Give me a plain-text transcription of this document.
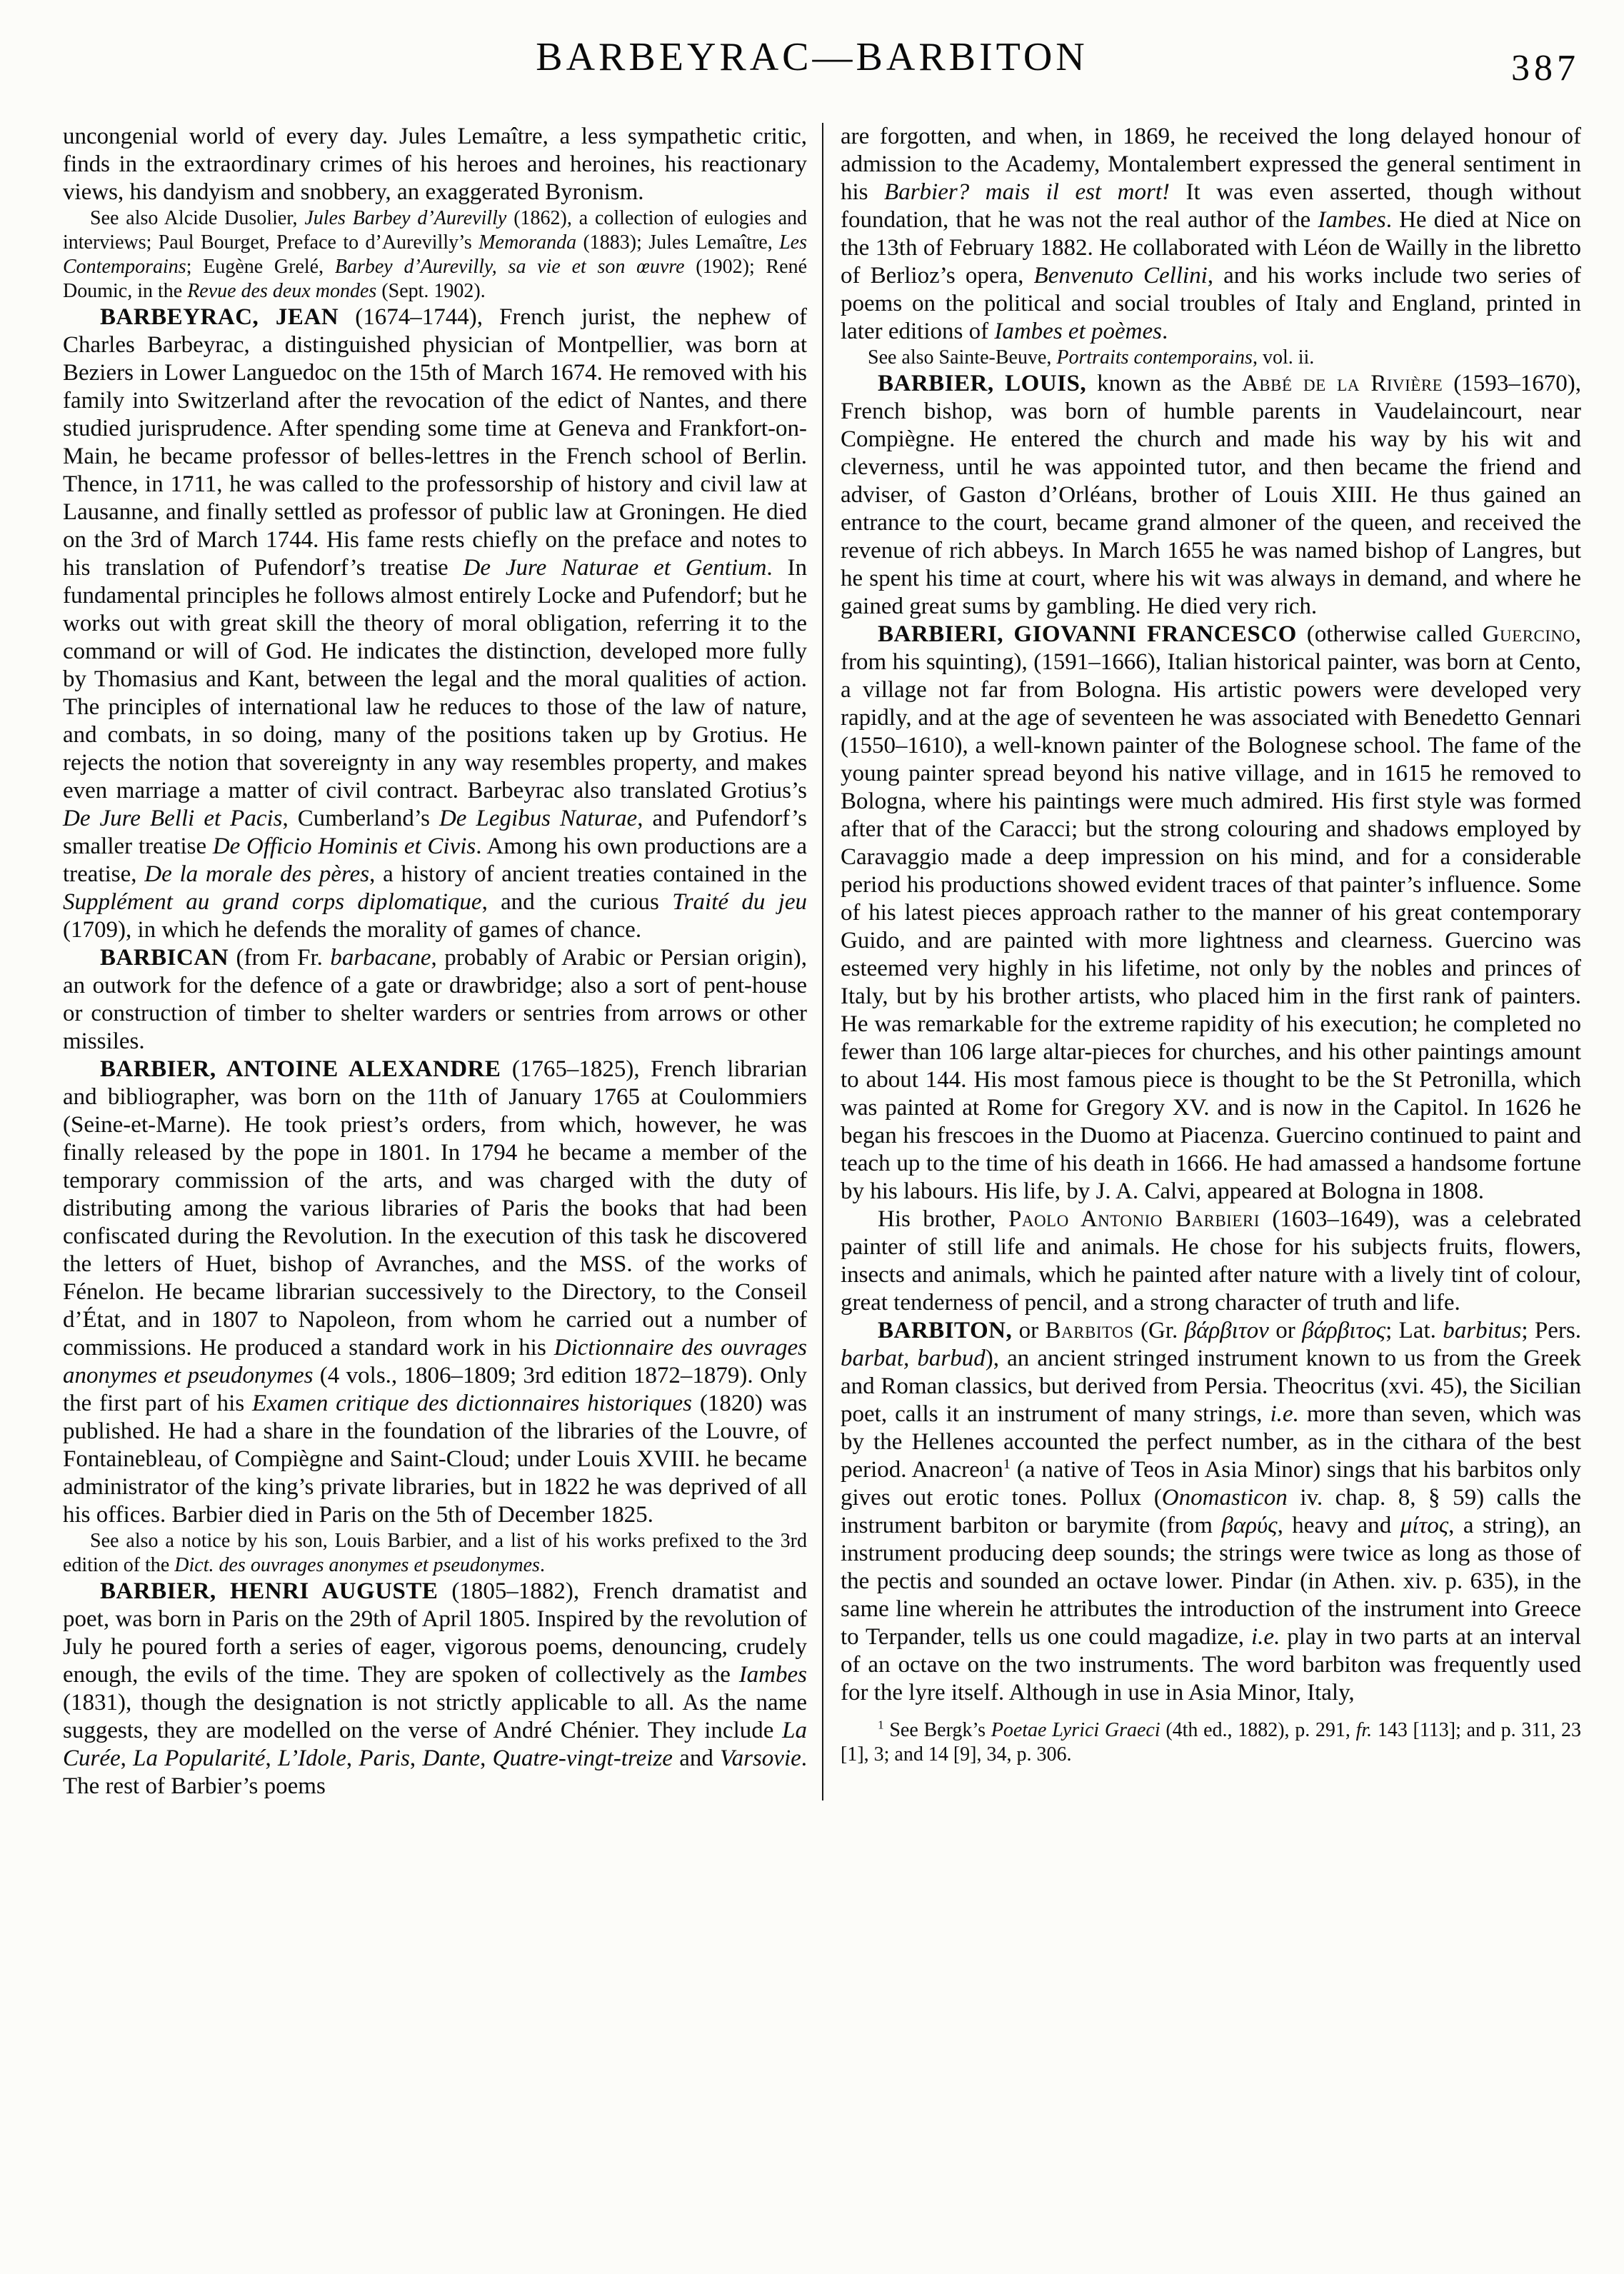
BARBEYRAC—BARBITON	387

uncongenial world of every day. Jules Lemaître, a less sympathetic critic, finds in the extraordinary crimes of his heroes and heroines, his reactionary views, his dandyism and snobbery, an exaggerated Byronism.

See also Alcide Dusolier, Jules Barbey d’Aurevilly (1862), a collection of eulogies and interviews; Paul Bourget, Preface to d’Aurevilly’s Memoranda (1883); Jules Lemaître, Les Contemporains; Eugène Grelé, Barbey d’Aurevilly, sa vie et son œuvre (1902); René Doumic, in the Revue des deux mondes (Sept. 1902).

BARBEYRAC, JEAN (1674–1744), French jurist, the nephew of Charles Barbeyrac, a distinguished physician of Montpellier, was born at Beziers in Lower Languedoc on the 15th of March 1674. He removed with his family into Switzerland after the revocation of the edict of Nantes, and there studied jurisprudence. After spending some time at Geneva and Frankfort-on-Main, he became professor of belles-lettres in the French school of Berlin. Thence, in 1711, he was called to the professorship of history and civil law at Lausanne, and finally settled as professor of public law at Groningen. He died on the 3rd of March 1744. His fame rests chiefly on the preface and notes to his translation of Pufendorf’s treatise De Jure Naturae et Gentium. In fundamental principles he follows almost entirely Locke and Pufendorf; but he works out with great skill the theory of moral obligation, referring it to the command or will of God. He indicates the distinction, developed more fully by Thomasius and Kant, between the legal and the moral qualities of action. The principles of international law he reduces to those of the law of nature, and combats, in so doing, many of the positions taken up by Grotius. He rejects the notion that sovereignty in any way resembles property, and makes even marriage a matter of civil contract. Barbeyrac also translated Grotius’s De Jure Belli et Pacis, Cumberland’s De Legibus Naturae, and Pufendorf’s smaller treatise De Officio Hominis et Civis. Among his own productions are a treatise, De la morale des pères, a history of ancient treaties contained in the Supplément au grand corps diplomatique, and the curious Traité du jeu (1709), in which he defends the morality of games of chance.

BARBICAN (from Fr. barbacane, probably of Arabic or Persian origin), an outwork for the defence of a gate or drawbridge; also a sort of pent-house or construction of timber to shelter warders or sentries from arrows or other missiles.

BARBIER, ANTOINE ALEXANDRE (1765–1825), French librarian and bibliographer, was born on the 11th of January 1765 at Coulommiers (Seine-et-Marne). He took priest’s orders, from which, however, he was finally released by the pope in 1801. In 1794 he became a member of the temporary commission of the arts, and was charged with the duty of distributing among the various libraries of Paris the books that had been confiscated during the Revolution. In the execution of this task he discovered the letters of Huet, bishop of Avranches, and the MSS. of the works of Fénelon. He became librarian successively to the Directory, to the Conseil d’État, and in 1807 to Napoleon, from whom he carried out a number of commissions. He produced a standard work in his Dictionnaire des ouvrages anonymes et pseudonymes (4 vols., 1806–1809; 3rd edition 1872–1879). Only the first part of his Examen critique des dictionnaires historiques (1820) was published. He had a share in the foundation of the libraries of the Louvre, of Fontainebleau, of Compiègne and Saint-Cloud; under Louis XVIII. he became administrator of the king’s private libraries, but in 1822 he was deprived of all his offices. Barbier died in Paris on the 5th of December 1825.

See also a notice by his son, Louis Barbier, and a list of his works prefixed to the 3rd edition of the Dict. des ouvrages anonymes et pseudonymes.

BARBIER, HENRI AUGUSTE (1805–1882), French dramatist and poet, was born in Paris on the 29th of April 1805. Inspired by the revolution of July he poured forth a series of eager, vigorous poems, denouncing, crudely enough, the evils of the time. They are spoken of collectively as the Iambes (1831), though the designation is not strictly applicable to all. As the name suggests, they are modelled on the verse of André Chénier. They include La Curée, La Popularité, L’Idole, Paris, Dante, Quatre-vingt-treize and Varsovie. The rest of Barbier’s poems

are forgotten, and when, in 1869, he received the long delayed honour of admission to the Academy, Montalembert expressed the general sentiment in his Barbier? mais il est mort! It was even asserted, though without foundation, that he was not the real author of the Iambes. He died at Nice on the 13th of February 1882. He collaborated with Léon de Wailly in the libretto of Berlioz’s opera, Benvenuto Cellini, and his works include two series of poems on the political and social troubles of Italy and England, printed in later editions of Iambes et poèmes.

See also Sainte-Beuve, Portraits contemporains, vol. ii.

BARBIER, LOUIS, known as the Abbé de la Rivière (1593–1670), French bishop, was born of humble parents in Vaudelaincourt, near Compiègne. He entered the church and made his way by his wit and cleverness, until he was appointed tutor, and then became the friend and adviser, of Gaston d’Orléans, brother of Louis XIII. He thus gained an entrance to the court, became grand almoner of the queen, and received the revenue of rich abbeys. In March 1655 he was named bishop of Langres, but he spent his time at court, where his wit was always in demand, and where he gained great sums by gambling. He died very rich.

BARBIERI, GIOVANNI FRANCESCO (otherwise called Guercino, from his squinting), (1591–1666), Italian historical painter, was born at Cento, a village not far from Bologna. His artistic powers were developed very rapidly, and at the age of seventeen he was associated with Benedetto Gennari (1550–1610), a well-known painter of the Bolognese school. The fame of the young painter spread beyond his native village, and in 1615 he removed to Bologna, where his paintings were much admired. His first style was formed after that of the Caracci; but the strong colouring and shadows employed by Caravaggio made a deep impression on his mind, and for a considerable period his productions showed evident traces of that painter’s influence. Some of his latest pieces approach rather to the manner of his great contemporary Guido, and are painted with more lightness and clearness. Guercino was esteemed very highly in his lifetime, not only by the nobles and princes of Italy, but by his brother artists, who placed him in the first rank of painters. He was remarkable for the extreme rapidity of his execution; he completed no fewer than 106 large altar-pieces for churches, and his other paintings amount to about 144. His most famous piece is thought to be the St Petronilla, which was painted at Rome for Gregory XV. and is now in the Capitol. In 1626 he began his frescoes in the Duomo at Piacenza. Guercino continued to paint and teach up to the time of his death in 1666. He had amassed a handsome fortune by his labours. His life, by J. A. Calvi, appeared at Bologna in 1808.

His brother, Paolo Antonio Barbieri (1603–1649), was a celebrated painter of still life and animals. He chose for his subjects fruits, flowers, insects and animals, which he painted after nature with a lively tint of colour, great tenderness of pencil, and a strong character of truth and life.

BARBITON, or Barbitos (Gr. βάρβιτον or βάρβιτος; Lat. barbitus; Pers. barbat, barbud), an ancient stringed instrument known to us from the Greek and Roman classics, but derived from Persia. Theocritus (xvi. 45), the Sicilian poet, calls it an instrument of many strings, i.e. more than seven, which was by the Hellenes accounted the perfect number, as in the cithara of the best period. Anacreon$^1$ (a native of Teos in Asia Minor) sings that his barbitos only gives out erotic tones. Pollux (Onomasticon iv. chap. 8, § 59) calls the instrument barbiton or barymite (from βαρύς, heavy and μίτος, a string), an instrument producing deep sounds; the strings were twice as long as those of the pectis and sounded an octave lower. Pindar (in Athen. xiv. p. 635), in the same line wherein he attributes the introduction of the instrument into Greece to Terpander, tells us one could magadize, i.e. play in two parts at an interval of an octave on the two instruments. The word barbiton was frequently used for the lyre itself. Although in use in Asia Minor, Italy,

$^1$ See Bergk’s Poetae Lyrici Graeci (4th ed., 1882), p. 291, fr. 143 [113]; and p. 311, 23 [1], 3; and 14 [9], 34, p. 306.
